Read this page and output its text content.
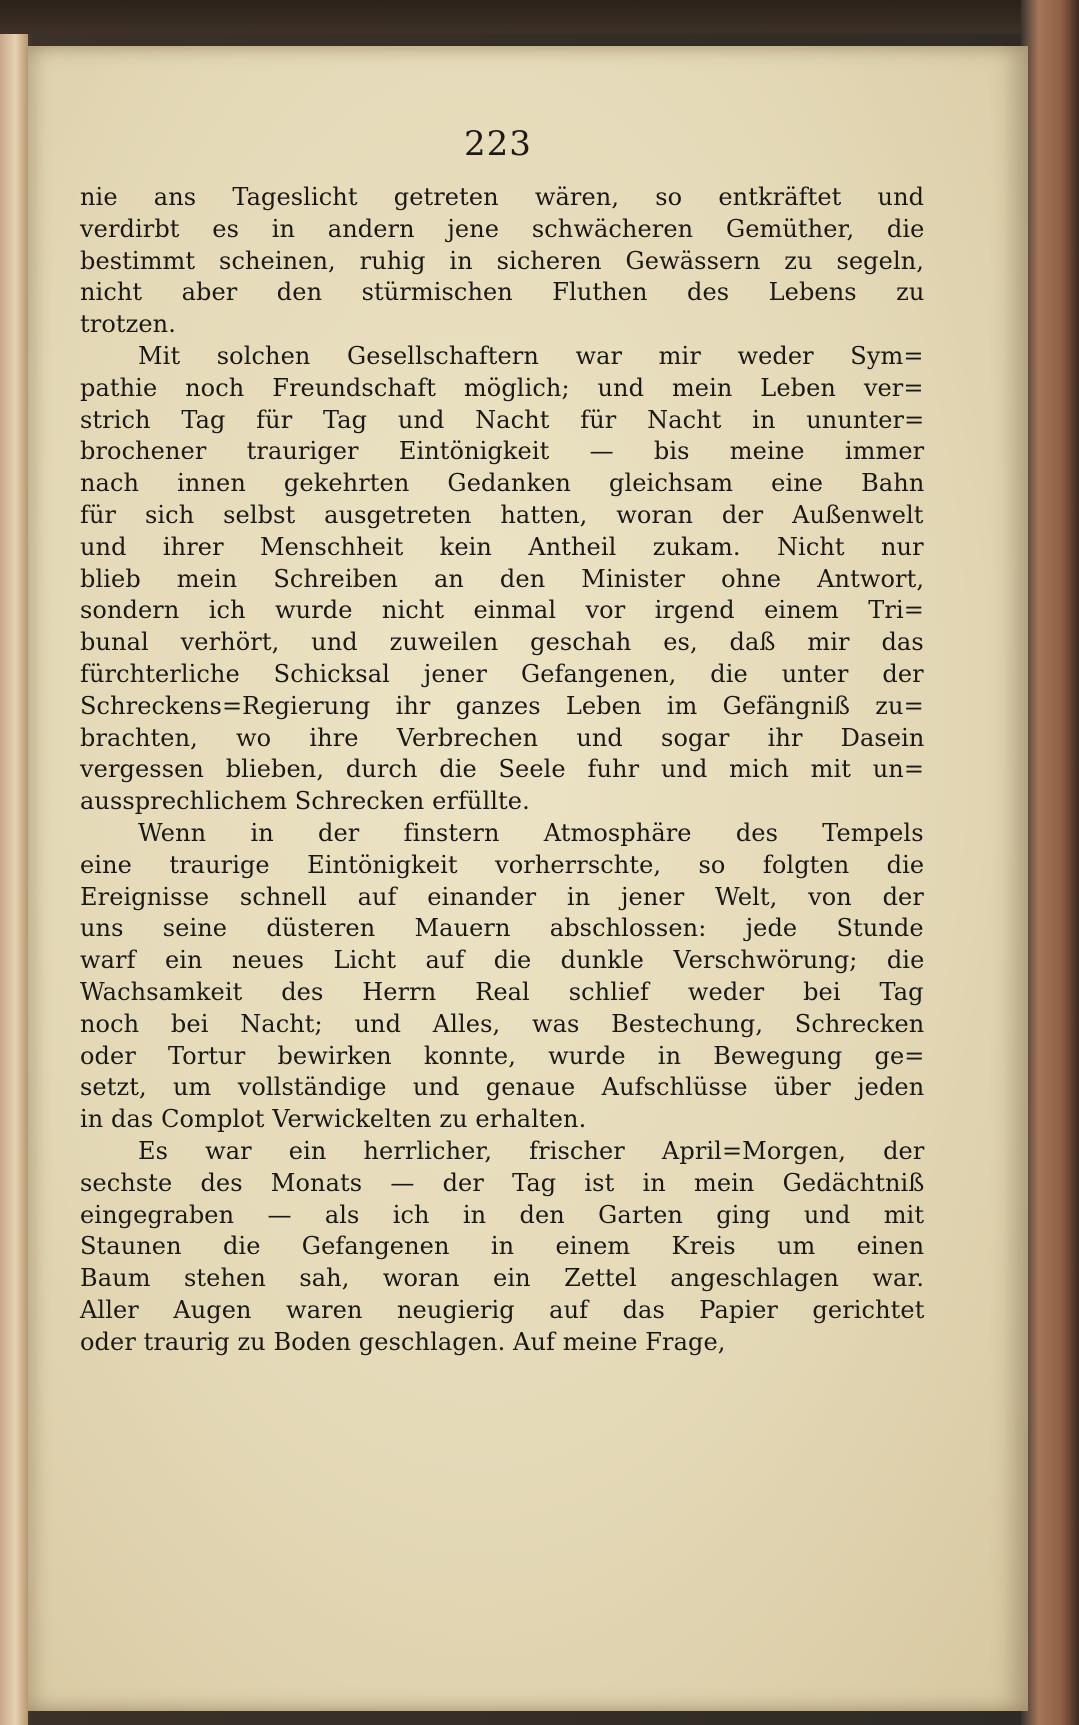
223
nie ans Tageslicht getreten wären, so entkräftet und
verdirbt es in andern jene schwächeren Gemüther, die
bestimmt scheinen, ruhig in sicheren Gewässern zu segeln,
nicht aber den stürmischen Fluthen des Lebens zu
trotzen.
Mit solchen Gesellschaftern war mir weder Sym=
pathie noch Freundschaft möglich; und mein Leben ver=
strich Tag für Tag und Nacht für Nacht in ununter=
brochener trauriger Eintönigkeit — bis meine immer
nach innen gekehrten Gedanken gleichsam eine Bahn
für sich selbst ausgetreten hatten, woran der Außenwelt
und ihrer Menschheit kein Antheil zukam. Nicht nur
blieb mein Schreiben an den Minister ohne Antwort,
sondern ich wurde nicht einmal vor irgend einem Tri=
bunal verhört, und zuweilen geschah es, daß mir das
fürchterliche Schicksal jener Gefangenen, die unter der
Schreckens=Regierung ihr ganzes Leben im Gefängniß zu=
brachten, wo ihre Verbrechen und sogar ihr Dasein
vergessen blieben, durch die Seele fuhr und mich mit un=
aussprechlichem Schrecken erfüllte.
Wenn in der finstern Atmosphäre des Tempels
eine traurige Eintönigkeit vorherrschte, so folgten die
Ereignisse schnell auf einander in jener Welt, von der
uns seine düsteren Mauern abschlossen: jede Stunde
warf ein neues Licht auf die dunkle Verschwörung; die
Wachsamkeit des Herrn Real schlief weder bei Tag
noch bei Nacht; und Alles, was Bestechung, Schrecken
oder Tortur bewirken konnte, wurde in Bewegung ge=
setzt, um vollständige und genaue Aufschlüsse über jeden
in das Complot Verwickelten zu erhalten.
Es war ein herrlicher, frischer April=Morgen, der
sechste des Monats — der Tag ist in mein Gedächtniß
eingegraben — als ich in den Garten ging und mit
Staunen die Gefangenen in einem Kreis um einen
Baum stehen sah, woran ein Zettel angeschlagen war.
Aller Augen waren neugierig auf das Papier gerichtet
oder traurig zu Boden geschlagen. Auf meine Frage,
